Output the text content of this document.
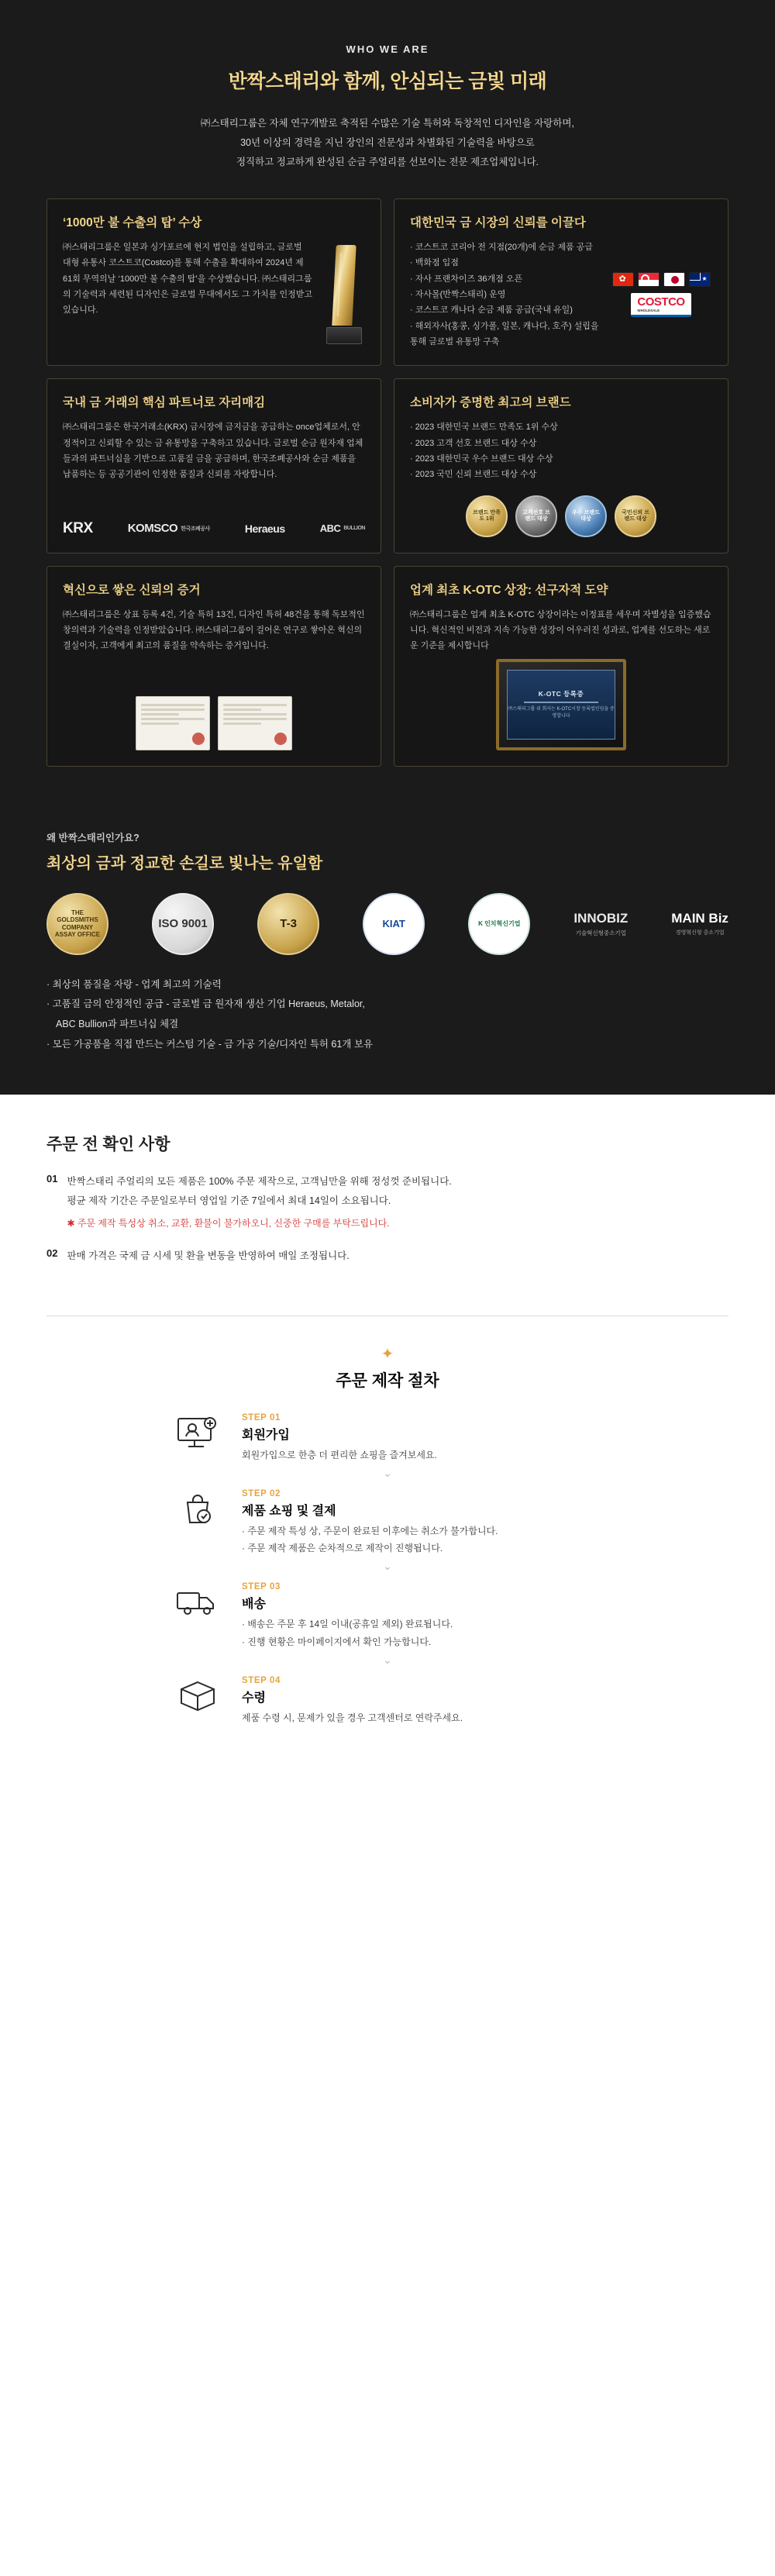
WHO WE ARE
반짝스태리와 함께, 안심되는 금빛 미래

㈜스태리그룹은 자체 연구개발로 축적된 수많은 기술 특허와 독창적인 디자인을 자랑하며,
30년 이상의 경력을 지닌 장인의 전문성과 차별화된 기술력을 바탕으로
정직하고 정교하게 완성된 순금 주얼리를 선보이는 전문 제조업체입니다.

‘1000만 불 수출의 탑’ 수상
㈜스태리그룹은 일본과 싱가포르에 현지 법인을 설립하고, 글로벌 대형 유통사 코스트코(Costco)를 통해 수출을 확대하여 2024년 제 61회 무역의날 ‘1000만 불 수출의 탑’을 수상했습니다. ㈜스태리그룹의 기술력과 세련된 디자인은 글로벌 무대에서도 그 가치를 인정받고 있습니다.
대한민국 금 시장의 신뢰를 이끌다
· 코스트코 코리아 전 지점(20개)에 순금 제품 공급
· 백화점 입점
· 자사 프랜차이즈 36개점 오픈
· 자사몰(반짝스태리) 운영
· 코스트코 캐나다 순금 제품 공급(국내 유일)
· 해외자사(홍콩, 싱가폴, 일본, 캐나다, 호주) 설립을 통해 글로벌 유통망 구축
✿
★
COSTCO
WHOLESALE
국내 금 거래의 핵심 파트너로 자리매김
㈜스태리그룹은 한국거래소(KRX) 금시장에 금지금을 공급하는 once업체로서, 안정적이고 신뢰할 수 있는 금 유통망을 구축하고 있습니다. 글로벌 순금 원자재 업체들과의 파트너십을 기반으로 고품질 금을 공급하며, 한국조폐공사와 순금 제품을 납품하는 등 공공기관이 인정한 품질과 신뢰를 자랑합니다.
KRX	KOMSCO 한국조폐공사	Heraeus	ABC BULLION
소비자가 증명한 최고의 브랜드
· 2023 대한민국 브랜드 만족도 1위 수상
· 2023 고객 선호 브랜드 대상 수상
· 2023 대한민국 우수 브랜드 대상 수상
· 2023 국민 신뢰 브랜드 대상 수상
브랜드 만족도 1위
고객선호 브랜드 대상
우수 브랜드 대상
국민신뢰 브랜드 대상
혁신으로 쌓은 신뢰의 증거
㈜스태리그룹은 상표 등록 4건, 기술 특허 13건, 디자인 특허 48건을 통해 독보적인 창의력과 기술력을 인정받았습니다. ㈜스태리그룹이 걸어온 연구로 쌓아온 혁신의 결실이자, 고객에게 최고의 품질을 약속하는 증거입니다.
업계 최초 K-OTC 상장: 선구자적 도약
㈜스태리그룹은 업계 최초 K-OTC 상장이라는 이정표를 세우며 자별성을 입증했습니다. 혁신적인 비전과 지속 가능한 성장이 어우러진 성과로, 업계를 선도하는 새로운 기준을 제시합니다
K-OTC 등록증
㈜스태리그룹 위 회사는 K-OTC시장 등록법인임을 증명합니다
왜 반짝스태리인가요?
최상의 금과 정교한 손길로 빛나는 유일함
THE GOLDSMITHS COMPANY ASSAY OFFICE
ISO 9001	T-3	KIAT	K 인치혁신기업	INNOBIZ
기술혁신형중소기업
MAIN Biz
경영혁신형 중소기업
· 최상의 품질을 자랑 - 업계 최고의 기술력
· 고품질 금의 안정적인 공급 - 글로벌 금 원자재 생산 기업 Heraeus, Metalor,
ABC Bullion과 파트너십 체결
· 모든 가공품을 직접 만드는 커스텀 기술 - 금 가공 기술/디자인 특허 61개 보유
주문 전 확인 사항
01 반짝스태리 주얼리의 모든 제품은 100% 주문 제작으로, 고객님만을 위해 정성껏 준비됩니다.
평균 제작 기간은 주문일로부터 영업일 기준 7일에서 최대 14일이 소요됩니다.
✱ 주문 제작 특성상 취소, 교환, 환불이 불가하오니, 신중한 구매를 부탁드립니다.
02 판매 가격은 국제 금 시세 및 환율 변동을 반영하여 매일 조정됩니다.
✦
주문 제작 절차
STEP 01
회원가입
회원가입으로 한층 더 편리한 쇼핑을 즐겨보세요.
⌄
STEP 02
제품 쇼핑 및 결제
· 주문 제작 특성 상, 주문이 완료된 이후에는 취소가 불가합니다.
· 주문 제작 제품은 순차적으로 제작이 진행됩니다.
⌄
STEP 03
배송
· 배송은 주문 후 14일 이내(공휴일 제외) 완료됩니다.
· 진행 현황은 마이페이지에서 확인 가능합니다.
⌄
STEP 04
수령
제품 수령 시, 문제가 있을 경우 고객센터로 연락주세요.
